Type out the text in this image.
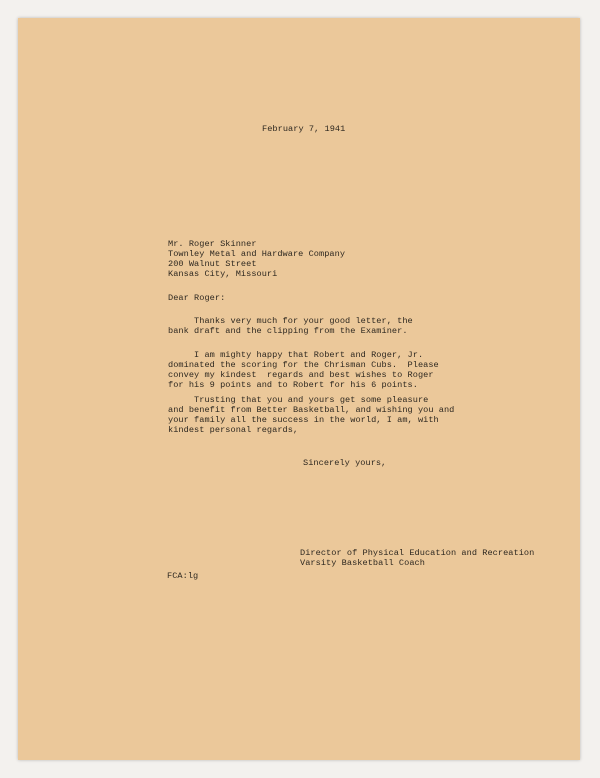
February 7, 1941
Mr. Roger Skinner
Townley Metal and Hardware Company
200 Walnut Street
Kansas City, Missouri
Dear Roger:
Thanks very much for your good letter, the
bank draft and the clipping from the Examiner.
I am mighty happy that Robert and Roger, Jr.
dominated the scoring for the Chrisman Cubs.  Please
convey my kindest  regards and best wishes to Roger
for his 9 points and to Robert for his 6 points.
Trusting that you and yours get some pleasure
and benefit from Better Basketball, and wishing you and
your family all the success in the world, I am, with
kindest personal regards,
Sincerely yours,
Director of Physical Education and Recreation
Varsity Basketball Coach
FCA:lg
